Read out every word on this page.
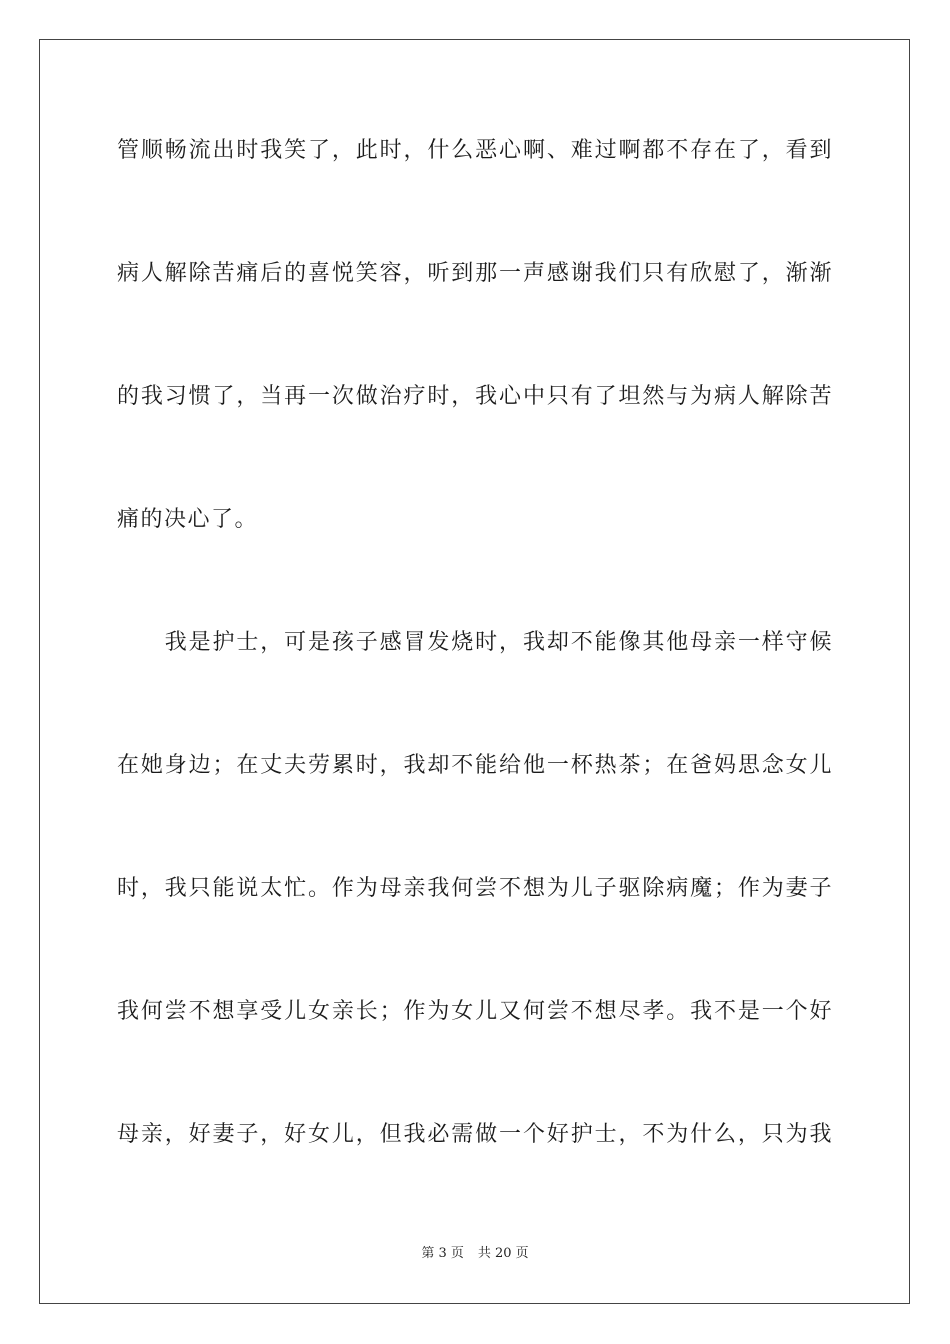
管顺畅流出时我笑了，此时，什么恶心啊、难过啊都不存在了，看到
病人解除苦痛后的喜悦笑容，听到那一声感谢我们只有欣慰了，渐渐
的我习惯了，当再一次做治疗时，我心中只有了坦然与为病人解除苦
痛的决心了。
　　我是护士，可是孩子感冒发烧时，我却不能像其他母亲一样守候
在她身边；在丈夫劳累时，我却不能给他一杯热茶；在爸妈思念女儿
时，我只能说太忙。作为母亲我何尝不想为儿子驱除病魔；作为妻子
我何尝不想享受儿女亲长；作为女儿又何尝不想尽孝。我不是一个好
母亲，好妻子，好女儿，但我必需做一个好护士，不为什么，只为我
第 3 页 共 20 页
